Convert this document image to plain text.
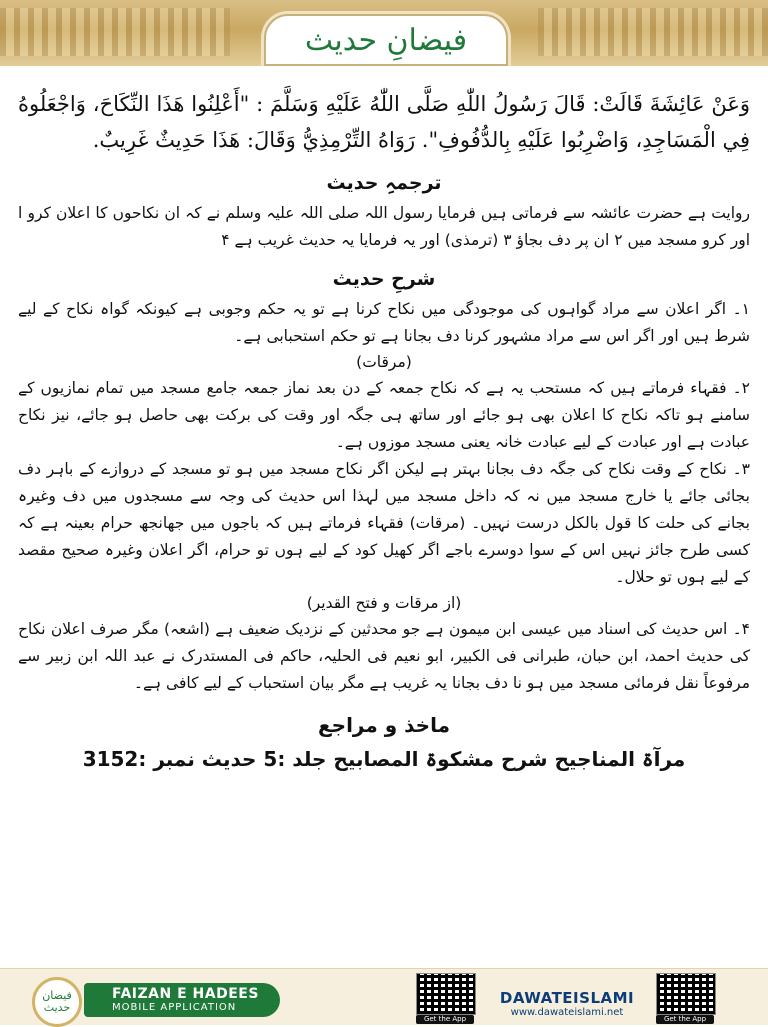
فیضانِ حدیث

وَعَنْ عَائِشَةَ قَالَتْ: قَالَ رَسُولُ اللّٰهِ صَلَّى اللّٰهُ عَلَيْهِ وَسَلَّمَ : "أَعْلِنُوا هَذَا النِّكَاحَ، وَاجْعَلُوهُ فِي الْمَسَاجِدِ، وَاضْرِبُوا عَلَيْهِ بِالدُّفُوفِ". رَوَاهُ التِّرْمِذِيُّ وَقَالَ: هَذَا حَدِيثٌ غَرِيبٌ.

ترجمہِ حدیث

روایت ہے حضرت عائشہ سے فرماتی ہیں فرمایا رسول اللہ صلی اللہ علیہ وسلم نے کہ ان نکاحوں کا اعلان کرو ا اور کرو مسجد میں ۲ ان پر دف بجاؤ ۳ (ترمذی) اور یہ فرمایا یہ حدیث غریب ہے ۴

شرحِ حدیث

۱۔ اگر اعلان سے مراد گواہوں کی موجودگی میں نکاح کرنا ہے تو یہ حکم وجوبی ہے کیونکہ گواہ نکاح کے لیے شرط ہیں اور اگر اس سے مراد مشہور کرنا دف بجانا ہے تو حکم استحبابی ہے۔

(مرقات)

۲۔ فقہاء فرماتے ہیں کہ مستحب یہ ہے کہ نکاح جمعہ کے دن بعد نماز جمعہ جامع مسجد میں تمام نمازیوں کے سامنے ہو تاکہ نکاح کا اعلان بھی ہو جائے اور ساتھ ہی جگہ اور وقت کی برکت بھی حاصل ہو جائے، نیز نکاح عبادت ہے اور عبادت کے لیے عبادت خانہ یعنی مسجد موزوں ہے۔

۳۔ نکاح کے وقت نکاح کی جگہ دف بجانا بہتر ہے لیکن اگر نکاح مسجد میں ہو تو مسجد کے دروازے کے باہر دف بجائی جائے یا خارج مسجد میں نہ کہ داخل مسجد میں لہذا اس حدیث کی وجہ سے مسجدوں میں دف وغیرہ بجانے کی حلت کا قول بالکل درست نہیں۔ (مرقات) فقہاء فرماتے ہیں کہ باجوں میں جھانجھ حرام بعینہ ہے کہ کسی طرح جائز نہیں اس کے سوا دوسرے باجے اگر کھیل کود کے لیے ہوں تو حرام، اگر اعلان وغیرہ صحیح مقصد کے لیے ہوں تو حلال۔

(از مرقات و فتح القدیر)

۴۔ اس حدیث کی اسناد میں عیسی ابن میمون ہے جو محدثین کے نزدیک ضعیف ہے (اشعہ) مگر صرف اعلان نکاح کی حدیث احمد، ابن حبان، طبرانی فی الکبیر، ابو نعیم فی الحلیہ، حاکم فی المستدرک نے عبد اللہ ابن زبیر سے مرفوعاً نقل فرمائی مسجد میں ہو نا دف بجانا یہ غریب ہے مگر بیان استحباب کے لیے کافی ہے۔

ماخذ و مراجع

مرآۃ المناجیح شرح مشکوۃ المصابیح جلد :5 حدیث نمبر :3152

فیضان حدیث
FAIZAN E HADEES
MOBILE APPLICATION
Get the App
DAWATEISLAMI
www.dawateislami.net
Get the App
